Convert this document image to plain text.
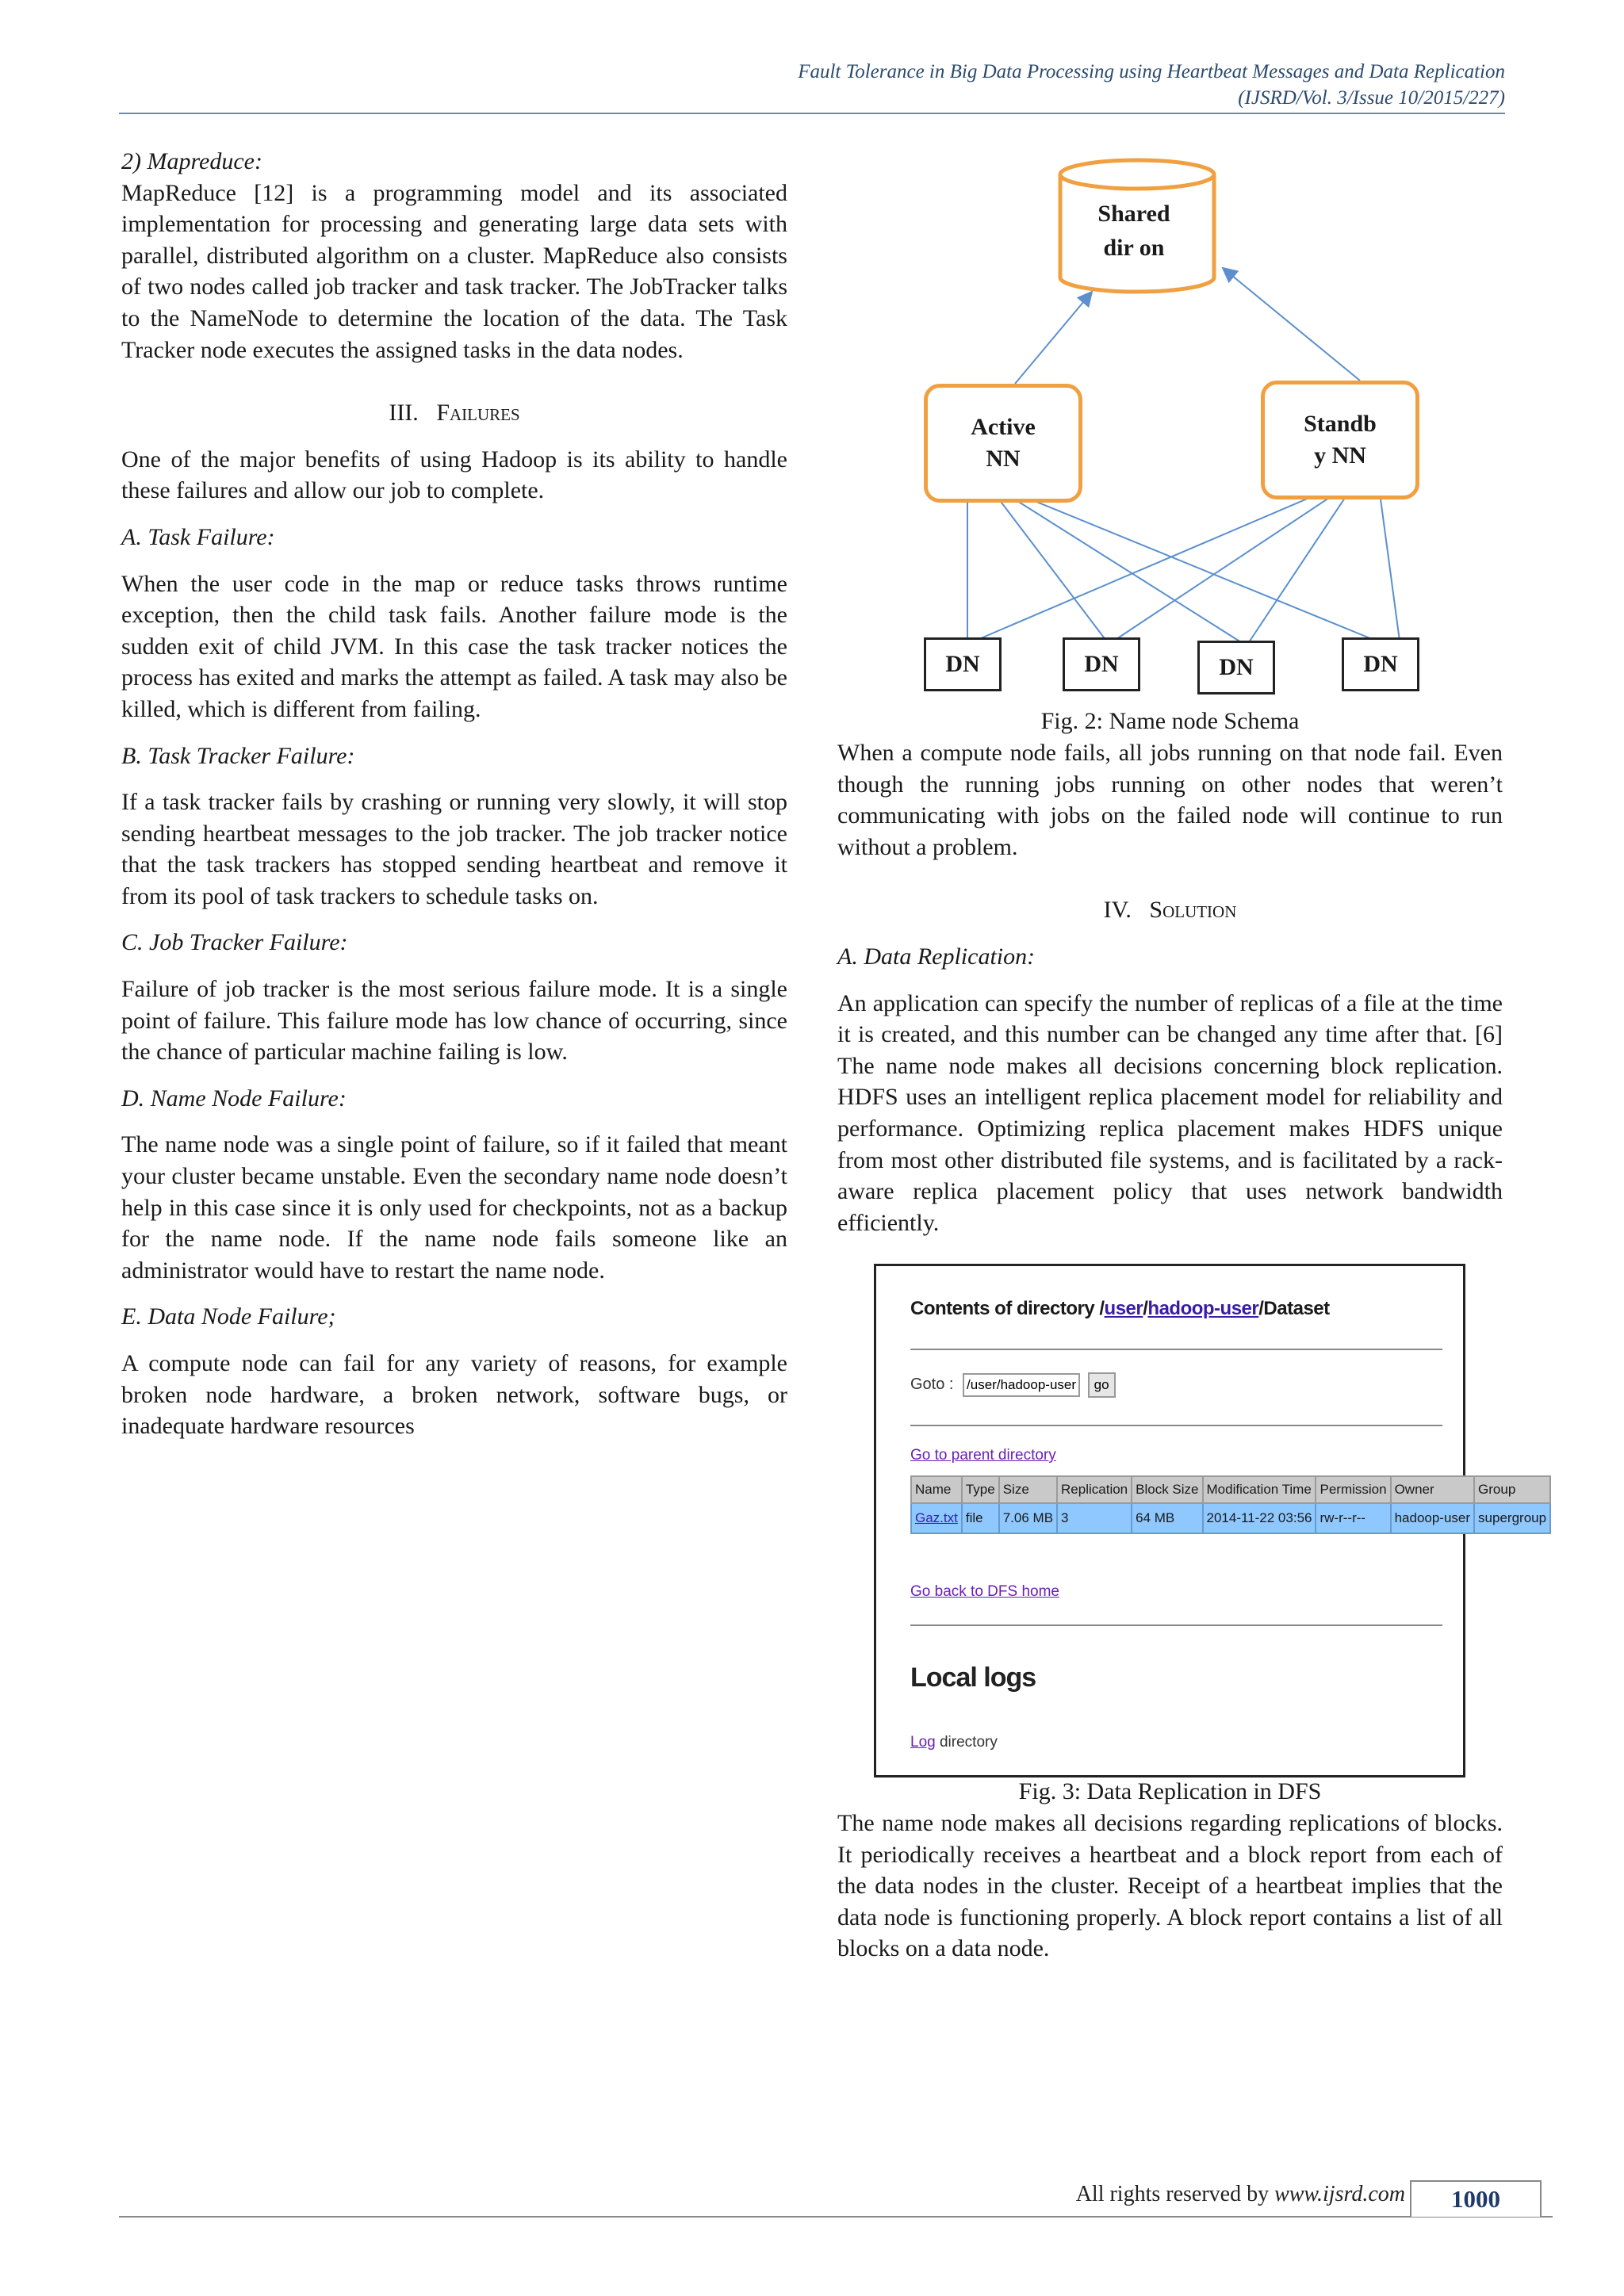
Fault Tolerance in Big Data Processing using Heartbeat Messages and Data Replication
(IJSRD/Vol. 3/Issue 10/2015/227)

2) Mapreduce:

MapReduce [12] is a programming model and its associated implementation for processing and generating large data sets with parallel, distributed algorithm on a cluster. MapReduce also consists of two nodes called job tracker and task tracker. The JobTracker talks to the NameNode to determine the location of the data. The Task Tracker node executes the assigned tasks in the data nodes.

III. Failures

One of the major benefits of using Hadoop is its ability to handle these failures and allow our job to complete.

A. Task Failure:

When the user code in the map or reduce tasks throws runtime exception, then the child task fails. Another failure mode is the sudden exit of child JVM. In this case the task tracker notices the process has exited and marks the attempt as failed. A task may also be killed, which is different from failing.

B. Task Tracker Failure:

If a task tracker fails by crashing or running very slowly, it will stop sending heartbeat messages to the job tracker. The job tracker notice that the task trackers has stopped sending heartbeat and remove it from its pool of task trackers to schedule tasks on.

C. Job Tracker Failure:

Failure of job tracker is the most serious failure mode. It is a single point of failure. This failure mode has low chance of occurring, since the chance of particular machine failing is low.

D. Name Node Failure:

The name node was a single point of failure, so if it failed that meant your cluster became unstable. Even the secondary name node doesn’t help in this case since it is only used for checkpoints, not as a backup for the name node. If the name node fails someone like an administrator would have to restart the name node.

E. Data Node Failure;

A compute node can fail for any variety of reasons, for example broken node hardware, a broken network, software bugs, or inadequate hardware resources

Active
NN
Standb
y NN
DN	DN	DN	DN
Shared
dir on
Fig. 2: Name node Schema

When a compute node fails, all jobs running on that node fail. Even though the running jobs running on other nodes that weren’t communicating with jobs on the failed node will continue to run without a problem.

IV. Solution

A. Data Replication:

An application can specify the number of replicas of a file at the time it is created, and this number can be changed any time after that. [6] The name node makes all decisions concerning block replication. HDFS uses an intelligent replica placement model for reliability and performance. Optimizing replica placement makes HDFS unique from most other distributed file systems, and is facilitated by a rack-aware replica placement policy that uses network bandwidth efficiently.

Contents of directory /user/hadoop-user/Dataset
Goto : /user/hadoop-user/Datas	go
Go to parent directory
Name	Type	Size	Replication	Block Size	Modification Time	Permission	Owner	Group
Gaz.txt	file	7.06 MB	3	64 MB	2014-11-22 03:56	rw-r--r--	hadoop-user	supergroup
Go back to DFS home
Local logs
Log directory
Fig. 3: Data Replication in DFS

The name node makes all decisions regarding replications of blocks. It periodically receives a heartbeat and a block report from each of the data nodes in the cluster. Receipt of a heartbeat implies that the data node is functioning properly. A block report contains a list of all blocks on a data node.

All rights reserved by www.ijsrd.com	1000
